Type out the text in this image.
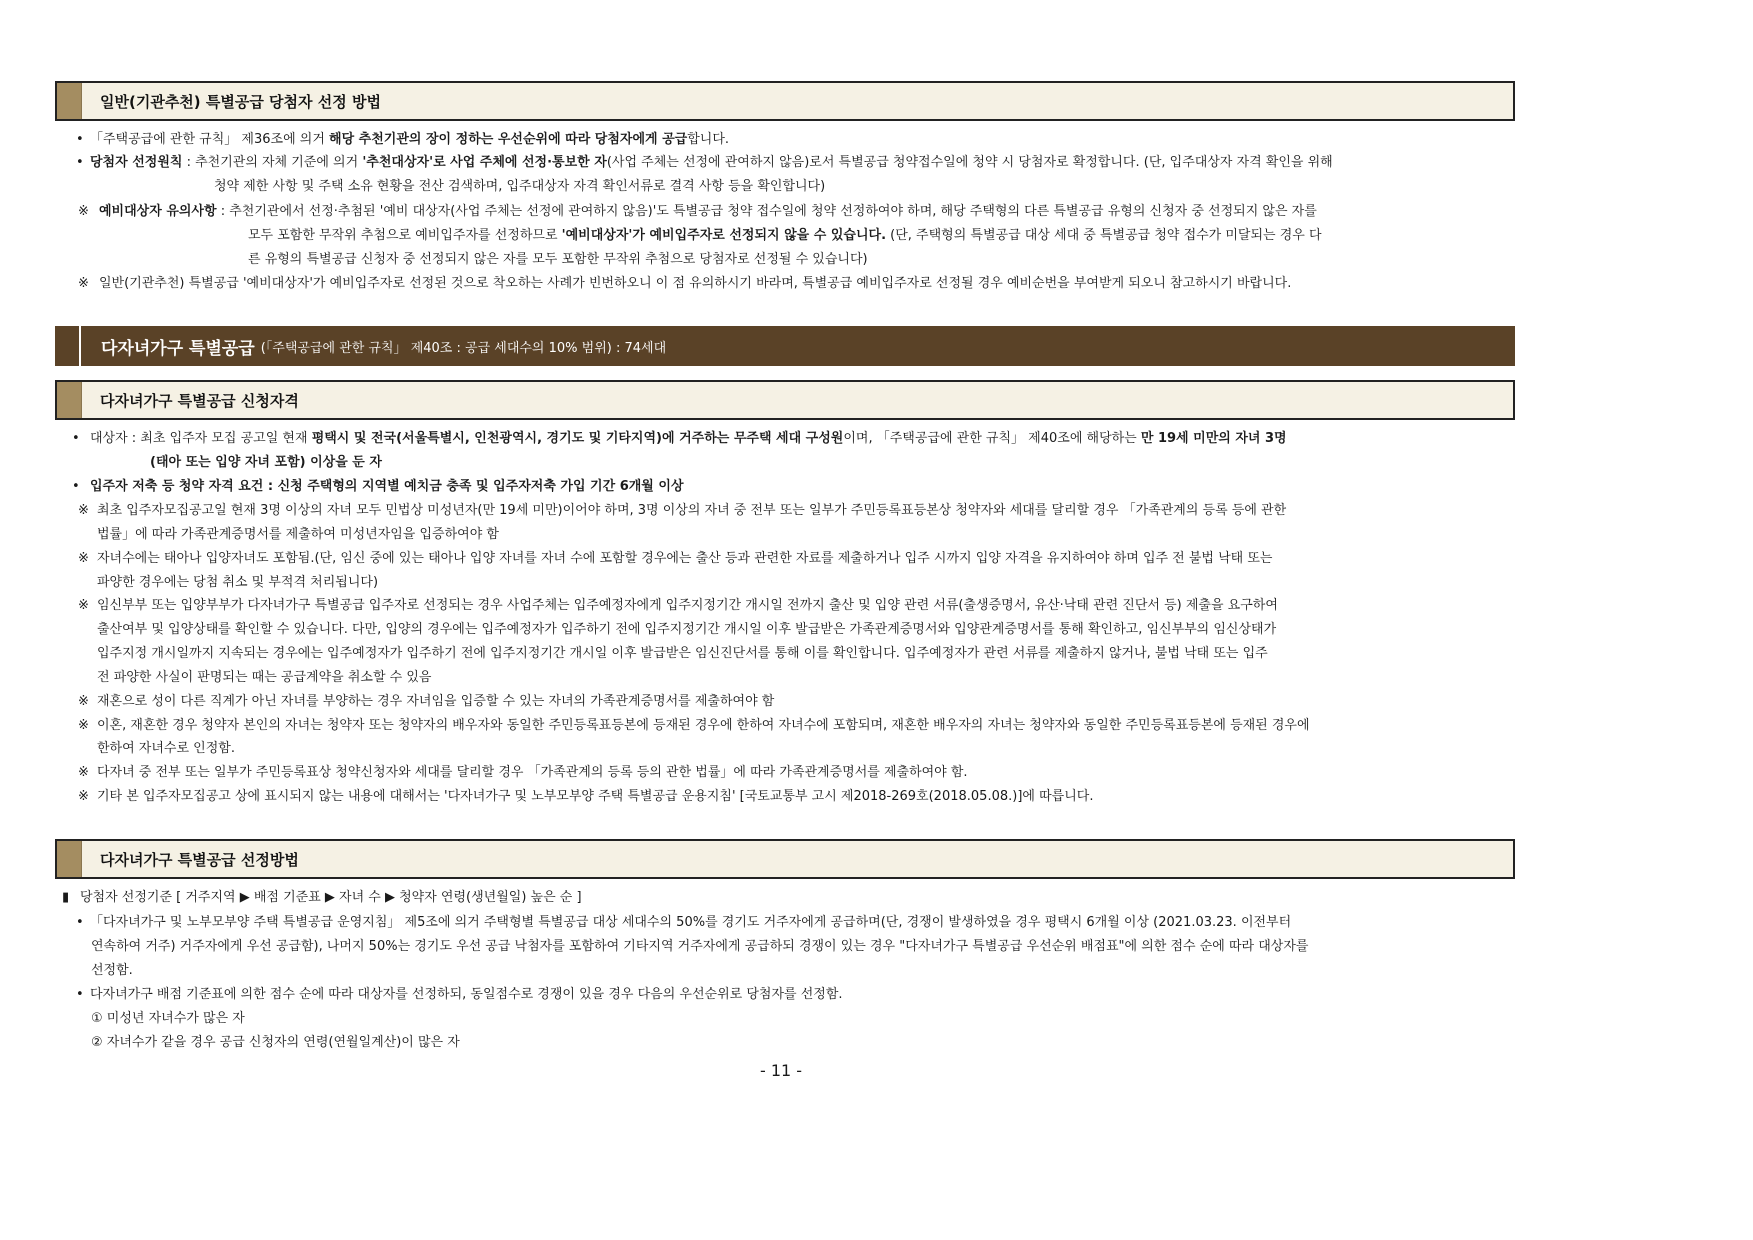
일반(기관추천) 특별공급 당첨자 선정 방법
• 「주택공급에 관한 규칙」 제36조에 의거 해당 추천기관의 장이 정하는 우선순위에 따라 당첨자에게 공급합니다.
• 당첨자 선정원칙 : 추천기관의 자체 기준에 의거 '추천대상자'로 사업 주체에 선정·통보한 자(사업 주체는 선정에 관여하지 않음)로서 특별공급 청약접수일에 청약 시 당첨자로 확정합니다. (단, 입주대상자 자격 확인을 위해
청약 제한 사항 및 주택 소유 현황을 전산 검색하며, 입주대상자 자격 확인서류로 결격 사항 등을 확인합니다)
※ 예비대상자 유의사항 : 추천기관에서 선정·추첨된 '예비 대상자(사업 주체는 선정에 관여하지 않음)'도 특별공급 청약 접수일에 청약 선정하여야 하며, 해당 주택형의 다른 특별공급 유형의 신청자 중 선정되지 않은 자를
모두 포함한 무작위 추첨으로 예비입주자를 선정하므로 '예비대상자'가 예비입주자로 선정되지 않을 수 있습니다. (단, 주택형의 특별공급 대상 세대 중 특별공급 청약 접수가 미달되는 경우 다
른 유형의 특별공급 신청자 중 선정되지 않은 자를 모두 포함한 무작위 추첨으로 당첨자로 선정될 수 있습니다)
※ 일반(기관추천) 특별공급 '예비대상자'가 예비입주자로 선정된 것으로 착오하는 사례가 빈번하오니 이 점 유의하시기 바라며, 특별공급 예비입주자로 선정될 경우 예비순번을 부여받게 되오니 참고하시기 바랍니다.
다자녀가구 특별공급 (「주택공급에 관한 규칙」 제40조 : 공급 세대수의 10% 범위) : 74세대
다자녀가구 특별공급 신청자격
• 대상자 : 최초 입주자 모집 공고일 현재 평택시 및 전국(서울특별시, 인천광역시, 경기도 및 기타지역)에 거주하는 무주택 세대 구성원이며, 「주택공급에 관한 규칙」 제40조에 해당하는 만 19세 미만의 자녀 3명
(태아 또는 입양 자녀 포함) 이상을 둔 자
• 입주자 저축 등 청약 자격 요건 : 신청 주택형의 지역별 예치금 충족 및 입주자저축 가입 기간 6개월 이상
※ 최초 입주자모집공고일 현재 3명 이상의 자녀 모두 민법상 미성년자(만 19세 미만)이어야 하며, 3명 이상의 자녀 중 전부 또는 일부가 주민등록표등본상 청약자와 세대를 달리할 경우 「가족관계의 등록 등에 관한
법률」에 따라 가족관계증명서를 제출하여 미성년자임을 입증하여야 함
※ 자녀수에는 태아나 입양자녀도 포함됨.(단, 임신 중에 있는 태아나 입양 자녀를 자녀 수에 포함할 경우에는 출산 등과 관련한 자료를 제출하거나 입주 시까지 입양 자격을 유지하여야 하며 입주 전 불법 낙태 또는
파양한 경우에는 당첨 취소 및 부적격 처리됩니다)
※ 임신부부 또는 입양부부가 다자녀가구 특별공급 입주자로 선정되는 경우 사업주체는 입주예정자에게 입주지정기간 개시일 전까지 출산 및 입양 관련 서류(출생증명서, 유산·낙태 관련 진단서 등) 제출을 요구하여
출산여부 및 입양상태를 확인할 수 있습니다. 다만, 입양의 경우에는 입주예정자가 입주하기 전에 입주지정기간 개시일 이후 발급받은 가족관계증명서와 입양관계증명서를 통해 확인하고, 임신부부의 임신상태가
입주지정 개시일까지 지속되는 경우에는 입주예정자가 입주하기 전에 입주지정기간 개시일 이후 발급받은 임신진단서를 통해 이를 확인합니다. 입주예정자가 관련 서류를 제출하지 않거나, 불법 낙태 또는 입주
전 파양한 사실이 판명되는 때는 공급계약을 취소할 수 있음
※ 재혼으로 성이 다른 직계가 아닌 자녀를 부양하는 경우 자녀임을 입증할 수 있는 자녀의 가족관계증명서를 제출하여야 함
※ 이혼, 재혼한 경우 청약자 본인의 자녀는 청약자 또는 청약자의 배우자와 동일한 주민등록표등본에 등재된 경우에 한하여 자녀수에 포함되며, 재혼한 배우자의 자녀는 청약자와 동일한 주민등록표등본에 등재된 경우에
한하여 자녀수로 인정함.
※ 다자녀 중 전부 또는 일부가 주민등록표상 청약신청자와 세대를 달리할 경우 「가족관계의 등록 등의 관한 법률」에 따라 가족관계증명서를 제출하여야 함.
※ 기타 본 입주자모집공고 상에 표시되지 않는 내용에 대해서는 '다자녀가구 및 노부모부양 주택 특별공급 운용지침' [국토교통부 고시 제2018-269호(2018.05.08.)]에 따릅니다.
다자녀가구 특별공급 선정방법
▮ 당첨자 선정기준 [ 거주지역 ▶ 배점 기준표 ▶ 자녀 수 ▶ 청약자 연령(생년월일) 높은 순 ]
• 「다자녀가구 및 노부모부양 주택 특별공급 운영지침」 제5조에 의거 주택형별 특별공급 대상 세대수의 50%를 경기도 거주자에게 공급하며(단, 경쟁이 발생하였을 경우 평택시 6개월 이상 (2021.03.23. 이전부터
연속하여 거주) 거주자에게 우선 공급함), 나머지 50%는 경기도 우선 공급 낙첨자를 포함하여 기타지역 거주자에게 공급하되 경쟁이 있는 경우 "다자녀가구 특별공급 우선순위 배점표"에 의한 점수 순에 따라 대상자를
선정함.
• 다자녀가구 배점 기준표에 의한 점수 순에 따라 대상자를 선정하되, 동일점수로 경쟁이 있을 경우 다음의 우선순위로 당첨자를 선정함.
① 미성년 자녀수가 많은 자
② 자녀수가 같을 경우 공급 신청자의 연령(연월일계산)이 많은 자
- 11 -
